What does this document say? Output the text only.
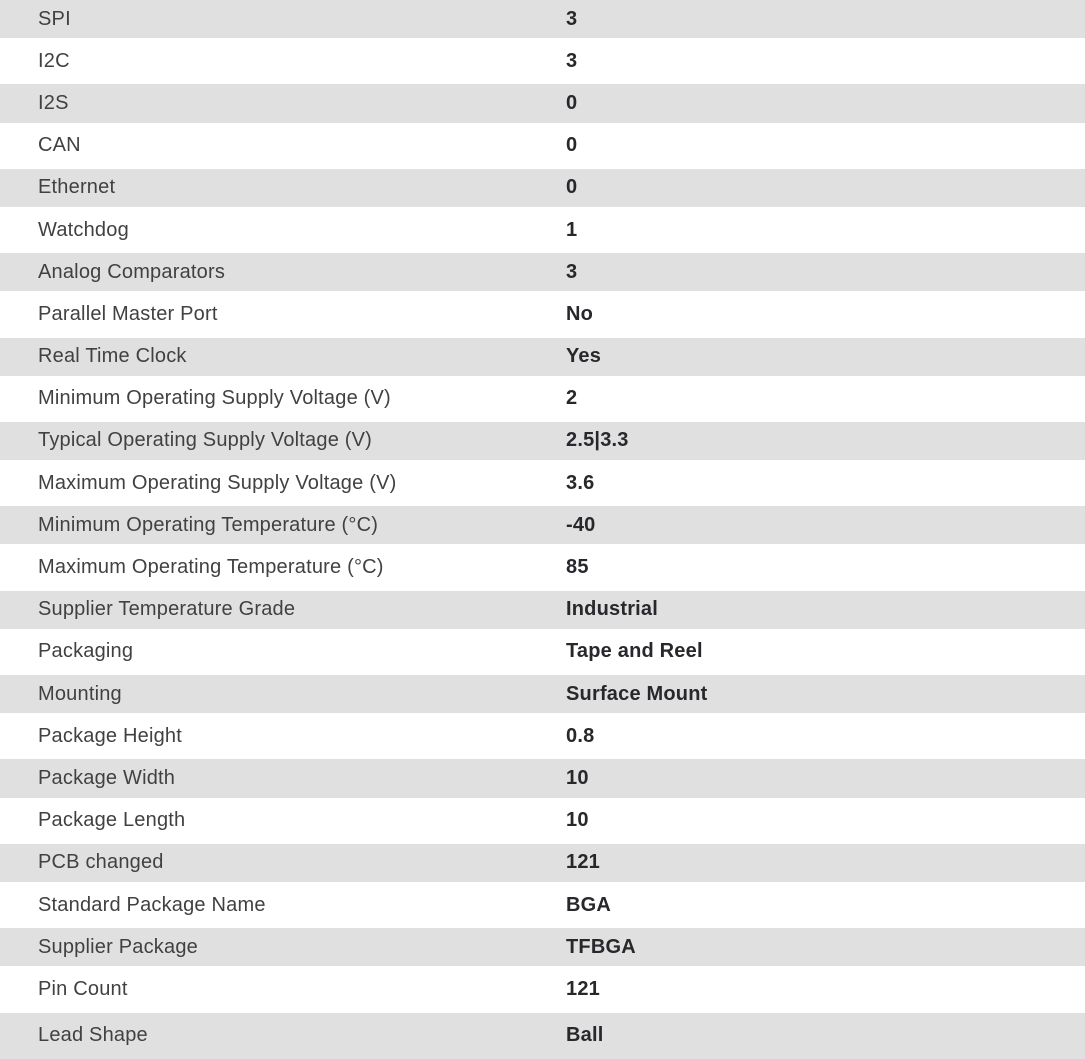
SPI	3
I2C	3
I2S	0
CAN	0
Ethernet	0
Watchdog	1
Analog Comparators	3
Parallel Master Port	No
Real Time Clock	Yes
Minimum Operating Supply Voltage (V)	2
Typical Operating Supply Voltage (V)	2.5|3.3
Maximum Operating Supply Voltage (V)	3.6
Minimum Operating Temperature (°C)	-40
Maximum Operating Temperature (°C)	85
Supplier Temperature Grade	Industrial
Packaging	Tape and Reel
Mounting	Surface Mount
Package Height	0.8
Package Width	10
Package Length	10
PCB changed	121
Standard Package Name	BGA
Supplier Package	TFBGA
Pin Count	121
Lead Shape	Ball
